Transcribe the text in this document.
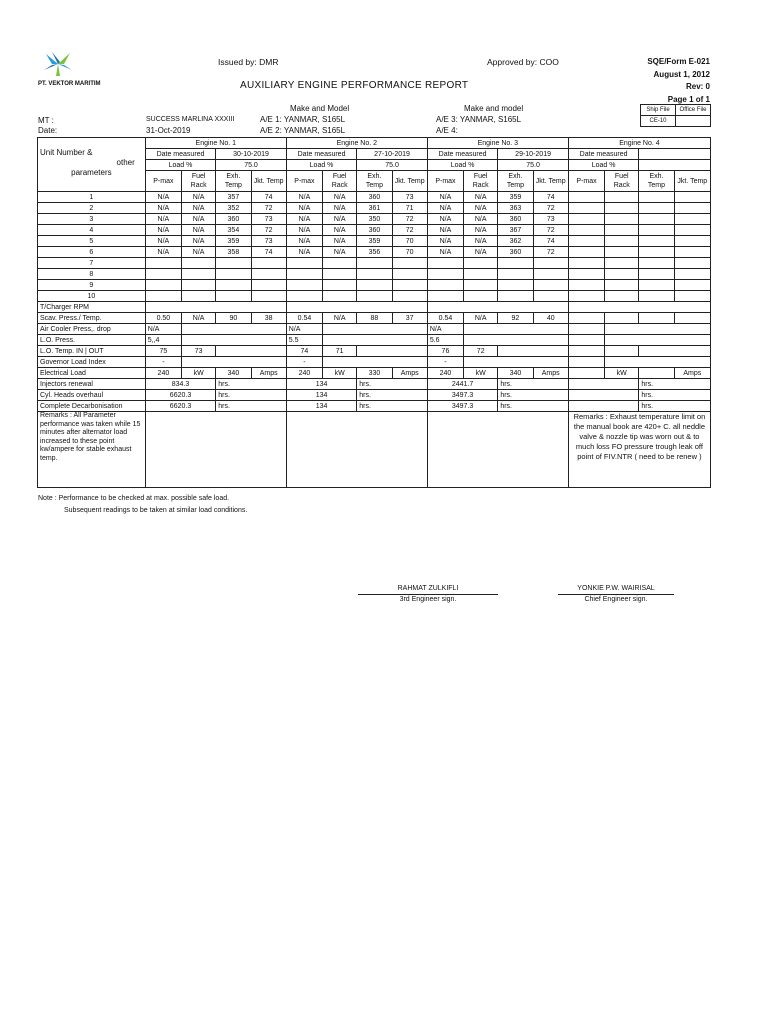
PT. VEKTOR MARITIM
Issued by: DMR	Approved by: COO	SQE/Form E-021
August 1, 2012
Rev: 0
Page 1 of 1
AUXILIARY ENGINE PERFORMANCE REPORT
Ship File	Office File
CE-10	
MT :
Date:
SUCCESS MARLINA XXXIII
31-Oct-2019
Make and Model	Make and model
A/E 1: YANMAR, S165L
A/E 2: YANMAR, S165L
A/E 3: YANMAR, S165L
A/E 4:
Unit Number &
other
parameters	Engine No. 1				Engine No. 2				Engine No. 3				Engine No. 4			
	Date measured		30-10-2019		Date measured		27-10-2019		Date measured		29-10-2019		Date measured			
	Load %		75.0		Load %		75.0		Load %		75.0		Load %			
	P-max	Fuel Rack	Exh. Temp	Jkt. Temp	P-max	Fuel Rack	Exh. Temp	Jkt. Temp	P-max	Fuel Rack	Exh. Temp	Jkt. Temp	P-max	Fuel Rack	Exh. Temp	Jkt. Temp
1	N/A	N/A	357	74	N/A	N/A	360	73	N/A	N/A	359	74				
2	N/A	N/A	352	72	N/A	N/A	361	71	N/A	N/A	363	72				
3	N/A	N/A	360	73	N/A	N/A	350	72	N/A	N/A	360	73				
4	N/A	N/A	354	72	N/A	N/A	360	72	N/A	N/A	367	72				
5	N/A	N/A	359	73	N/A	N/A	359	70	N/A	N/A	362	74				
6	N/A	N/A	358	74	N/A	N/A	356	70	N/A	N/A	360	72				
7																
8																
9																
10																
T/Charger RPM																
Scav. Press./ Temp.	0.50	N/A	90	38	0.54	N/A	88	37	0.54	N/A	92	40				
Air Cooler Press,. drop	N/A				N/A				N/A							
L.O. Press.	5,,4				5.5				5.6							
L.O. Temp. IN | OUT	75	73			74	71			76	72						
Governor Load Index	-				-				-							
Electrical Load	240	kW	340	Amps	240	kW	330	Amps	240	kW	340	Amps		kW		Amps
Injectors renewal	834.3		hrs.		134		hrs.		2441.7		hrs.				hrs.	
Cyl. Heads overhaul	6620.3		hrs.		134		hrs.		3497.3		hrs.				hrs.	
Complete Decarbonisation	6620.3		hrs.		134		hrs.		3497.3		hrs.				hrs.	
Remarks : All Parameter performance was taken while 15 minutes after alternator load increased to these point kw/ampere for stable exhaust temp.													Remarks : Exhaust temperature limit on the manual book are 420+ C. all neddle valve & nozzle tip was worn out & to much loss FO pressure trough leak off point of FIV.NTR ( need to be renew )			
Note : Performance to be checked at max. possible safe load.
Subsequent readings to be taken at similar load conditions.
RAHMAT ZULKIFLI
3rd Engineer sign.
YONKIE P.W. WAIRISAL
Chief Engineer sign.
